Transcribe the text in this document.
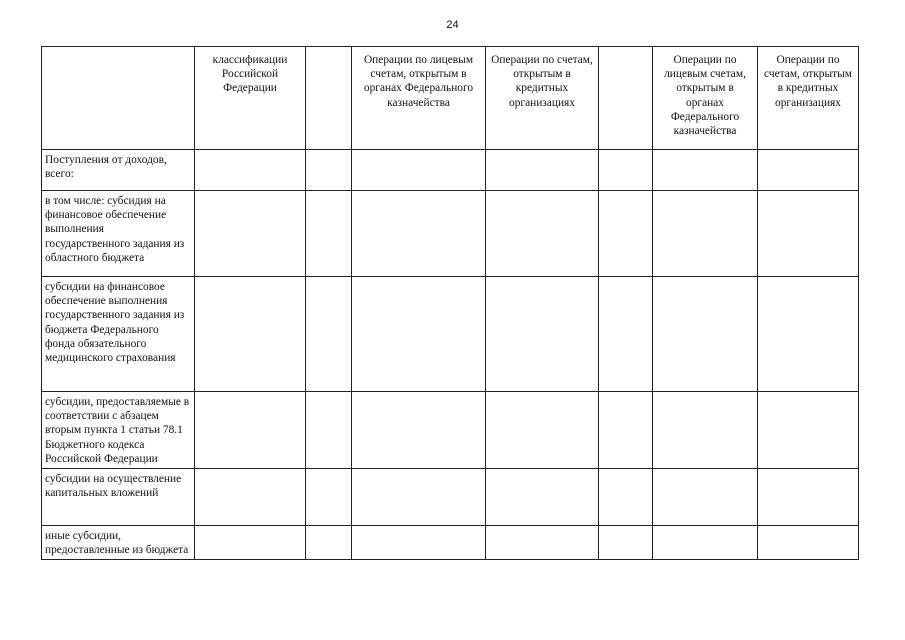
24
	классификации Российской Федерации		Операции по лицевым счетам, открытым в органах Федерального казначейства	Операции по счетам, открытым в кредитных организациях		Операции по лицевым счетам, открытым в органах Федерального казначейства	Операции по счетам, открытым в кредитных организациях
Поступления от доходов, всего:							
в том числе: субсидия на финансовое обеспечение выполнения государственного задания из областного бюджета							
субсидии на финансовое обеспечение выполнения государственного задания из бюджета Федерального фонда обязательного медицинского страхования							
субсидии, предоставляемые в соответствии с абзацем вторым пункта 1 статьи 78.1 Бюджетного кодекса Российской Федерации							
субсидии на осуществление капитальных вложений							
иные субсидии, предоставленные из бюджета							
